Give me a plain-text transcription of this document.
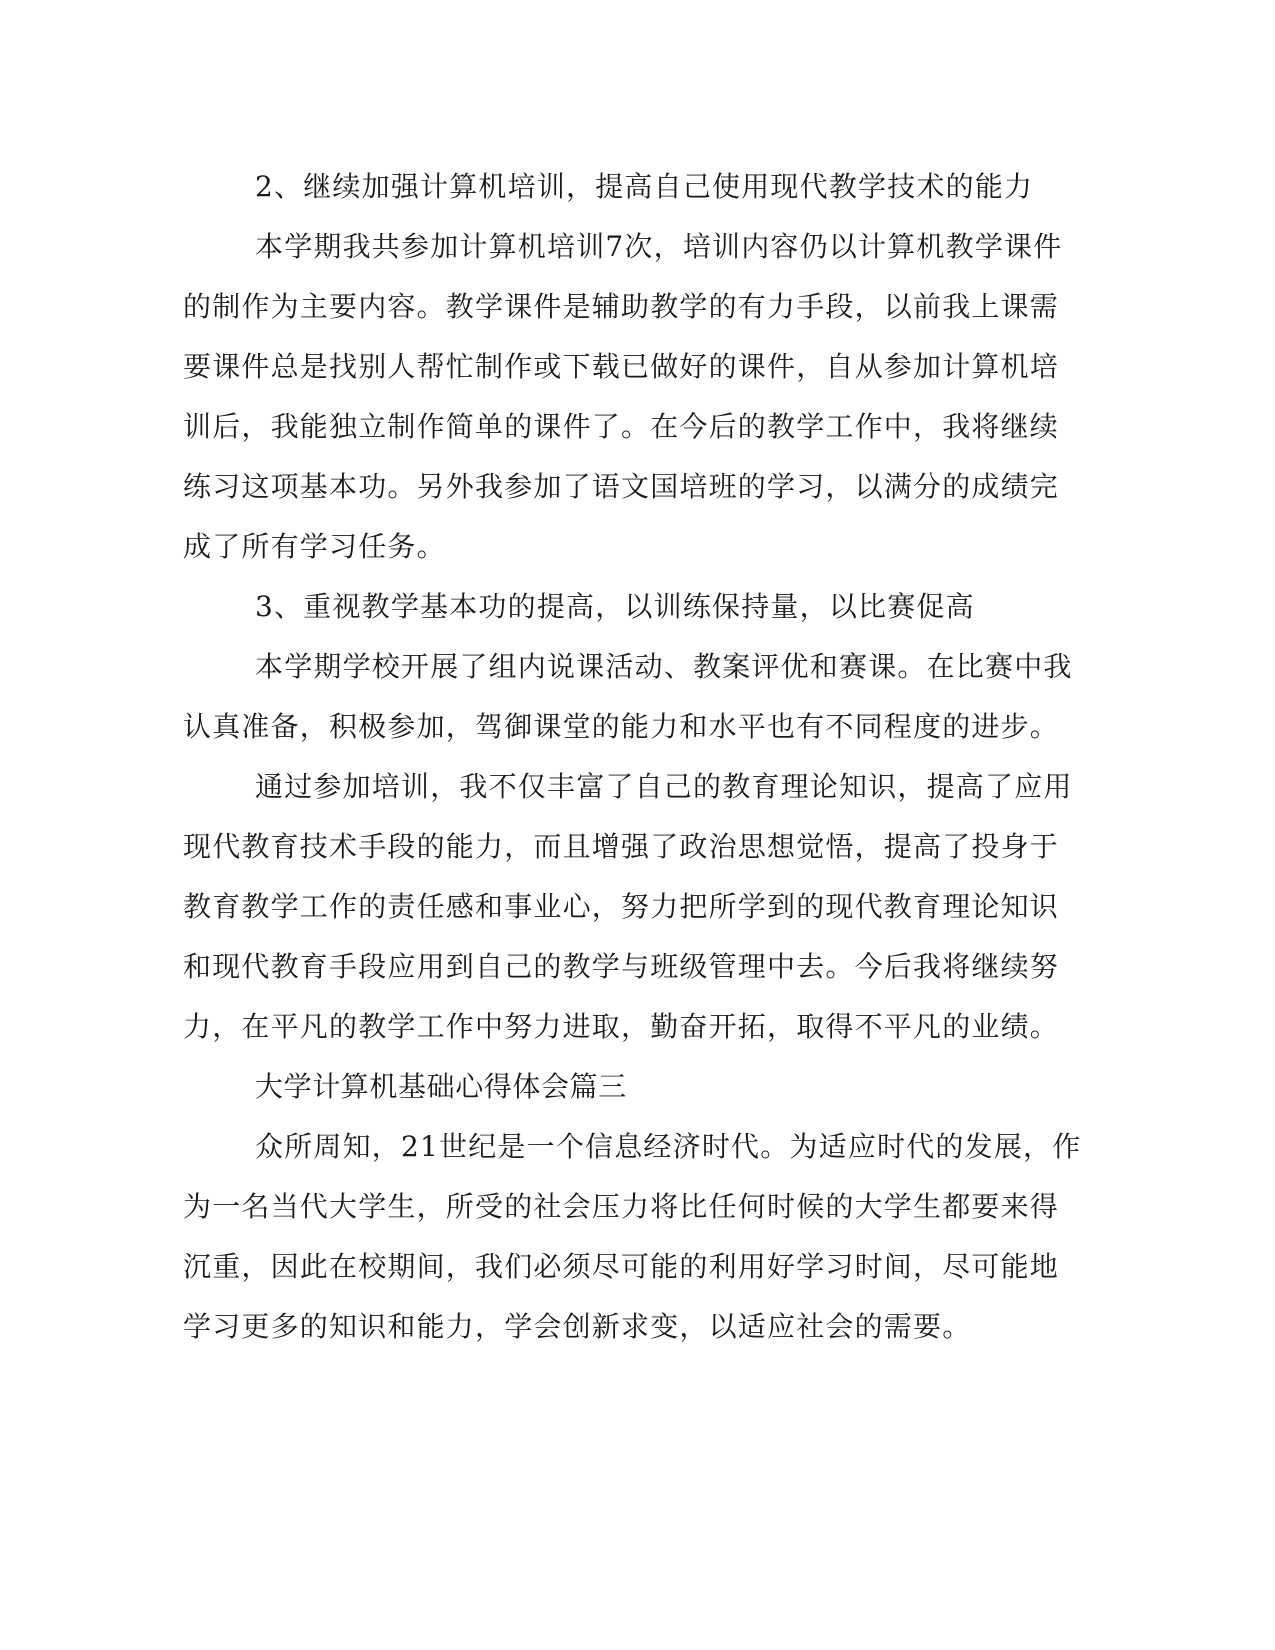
2、继续加强计算机培训，提高自己使用现代教学技术的能力
本学期我共参加计算机培训7次，培训内容仍以计算机教学课件
的制作为主要内容。教学课件是辅助教学的有力手段，以前我上课需
要课件总是找别人帮忙制作或下载已做好的课件，自从参加计算机培
训后，我能独立制作简单的课件了。在今后的教学工作中，我将继续
练习这项基本功。另外我参加了语文国培班的学习，以满分的成绩完
成了所有学习任务。
3、重视教学基本功的提高，以训练保持量，以比赛促高
本学期学校开展了组内说课活动、教案评优和赛课。在比赛中我
认真准备，积极参加，驾御课堂的能力和水平也有不同程度的进步。
通过参加培训，我不仅丰富了自己的教育理论知识，提高了应用
现代教育技术手段的能力，而且增强了政治思想觉悟，提高了投身于
教育教学工作的责任感和事业心，努力把所学到的现代教育理论知识
和现代教育手段应用到自己的教学与班级管理中去。今后我将继续努
力，在平凡的教学工作中努力进取，勤奋开拓，取得不平凡的业绩。
大学计算机基础心得体会篇三
众所周知，21世纪是一个信息经济时代。为适应时代的发展，作
为一名当代大学生，所受的社会压力将比任何时候的大学生都要来得
沉重，因此在校期间，我们必须尽可能的利用好学习时间，尽可能地
学习更多的知识和能力，学会创新求变，以适应社会的需要。
